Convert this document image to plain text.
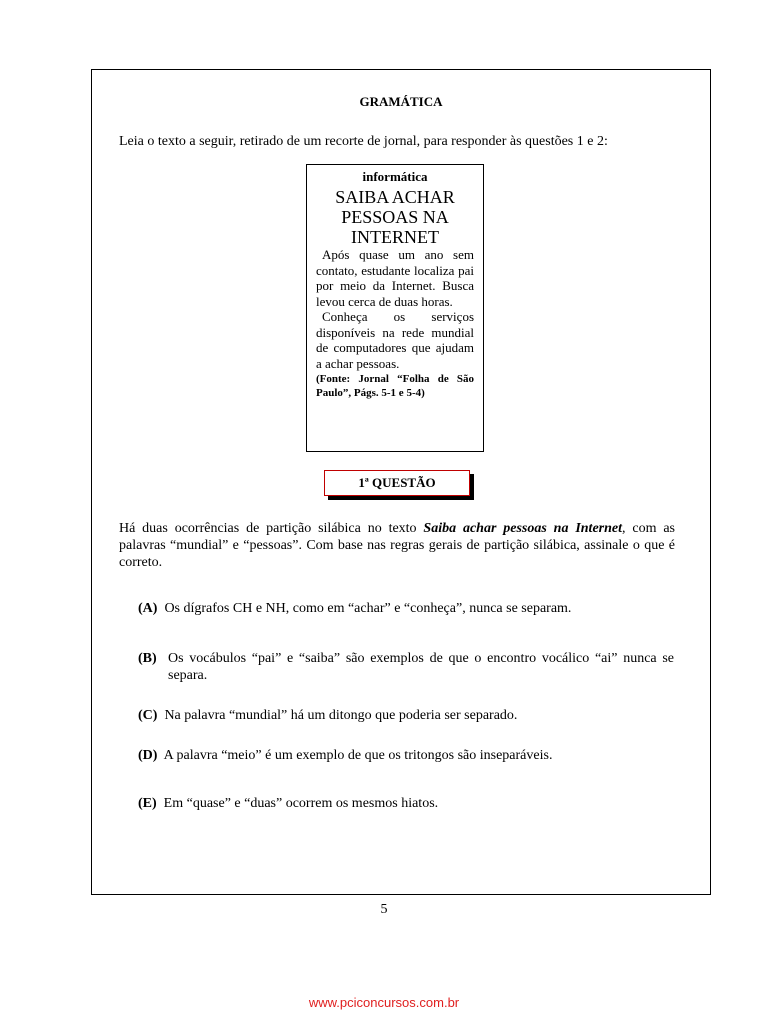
GRAMÁTICA
Leia o texto a seguir, retirado de um recorte de jornal, para responder às questões 1 e 2:
informática
SAIBA ACHAR PESSOAS NA INTERNET

Após quase um ano sem contato, estudante localiza pai por meio da Internet. Busca levou cerca de duas horas.

Conheça os serviços disponíveis na rede mundial de computadores que ajudam a achar pessoas.

(Fonte: Jornal “Folha de São Paulo”, Págs. 5-1 e 5-4)
1ª QUESTÃO
Há duas ocorrências de partição silábica no texto Saiba achar pessoas na Internet, com as palavras “mundial” e “pessoas”. Com base nas regras gerais de partição silábica, assinale o que é correto.
(A) Os dígrafos CH e NH, como em “achar” e “conheça”, nunca se separam.
(B) Os vocábulos “pai” e “saiba” são exemplos de que o encontro vocálico “ai” nunca se separa.
(C) Na palavra “mundial” há um ditongo que poderia ser separado.
(D) A palavra “meio” é um exemplo de que os tritongos são inseparáveis.
(E) Em “quase” e “duas” ocorrem os mesmos hiatos.
5
www.pciconcursos.com.br
